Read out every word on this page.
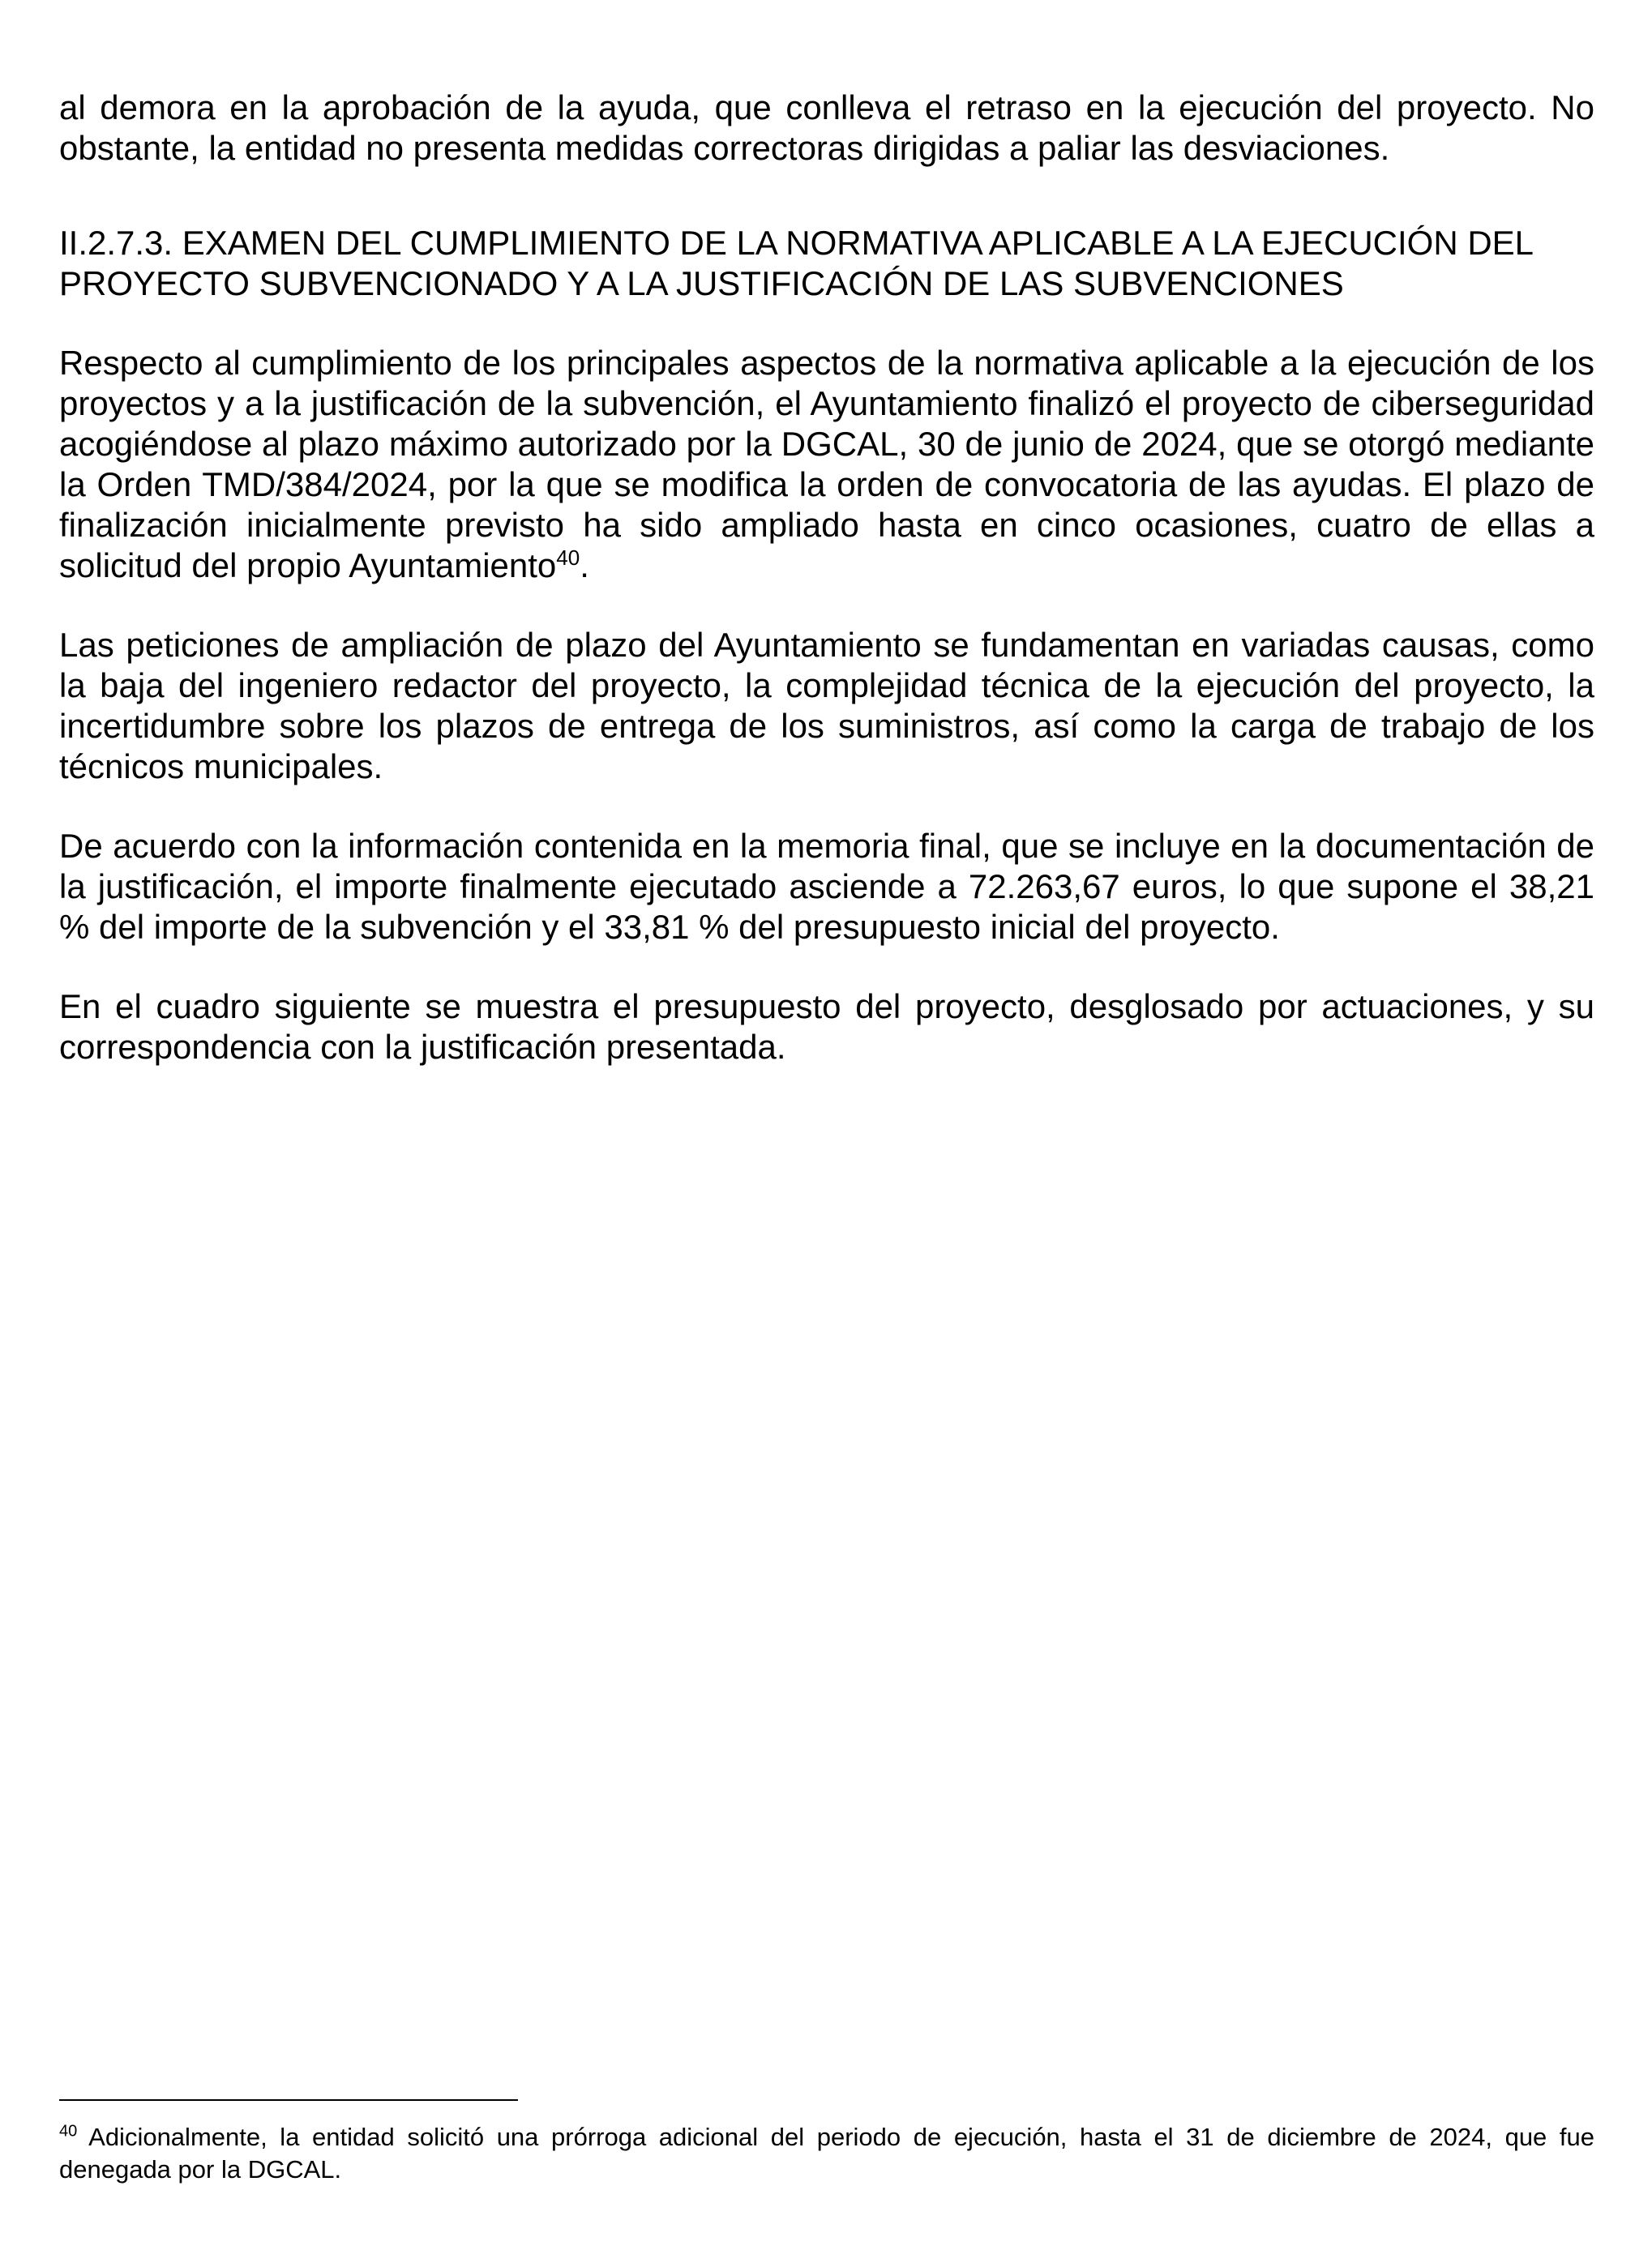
al demora en la aprobación de la ayuda, que conlleva el retraso en la ejecución del proyecto. No obstante, la entidad no presenta medidas correctoras dirigidas a paliar las desviaciones.

II.2.7.3. EXAMEN DEL CUMPLIMIENTO DE LA NORMATIVA APLICABLE A LA EJECUCIÓN DEL PROYECTO SUBVENCIONADO Y A LA JUSTIFICACIÓN DE LAS SUBVENCIONES

Respecto al cumplimiento de los principales aspectos de la normativa aplicable a la ejecución de los proyectos y a la justificación de la subvención, el Ayuntamiento finalizó el proyecto de ciberseguridad acogiéndose al plazo máximo autorizado por la DGCAL, 30 de junio de 2024, que se otorgó mediante la Orden TMD/384/2024, por la que se modifica la orden de convocatoria de las ayudas. El plazo de finalización inicialmente previsto ha sido ampliado hasta en cinco ocasiones, cuatro de ellas a solicitud del propio Ayuntamiento$^{40}$.

Las peticiones de ampliación de plazo del Ayuntamiento se fundamentan en variadas causas, como la baja del ingeniero redactor del proyecto, la complejidad técnica de la ejecución del proyecto, la incertidumbre sobre los plazos de entrega de los suministros, así como la carga de trabajo de los técnicos municipales.

De acuerdo con la información contenida en la memoria final, que se incluye en la documentación de la justificación, el importe finalmente ejecutado asciende a 72.263,67 euros, lo que supone el 38,21 % del importe de la subvención y el 33,81 % del presupuesto inicial del proyecto.

En el cuadro siguiente se muestra el presupuesto del proyecto, desglosado por actuaciones, y su correspondencia con la justificación presentada.

$^{40}$ Adicionalmente, la entidad solicitó una prórroga adicional del periodo de ejecución, hasta el 31 de diciembre de 2024, que fue denegada por la DGCAL.
